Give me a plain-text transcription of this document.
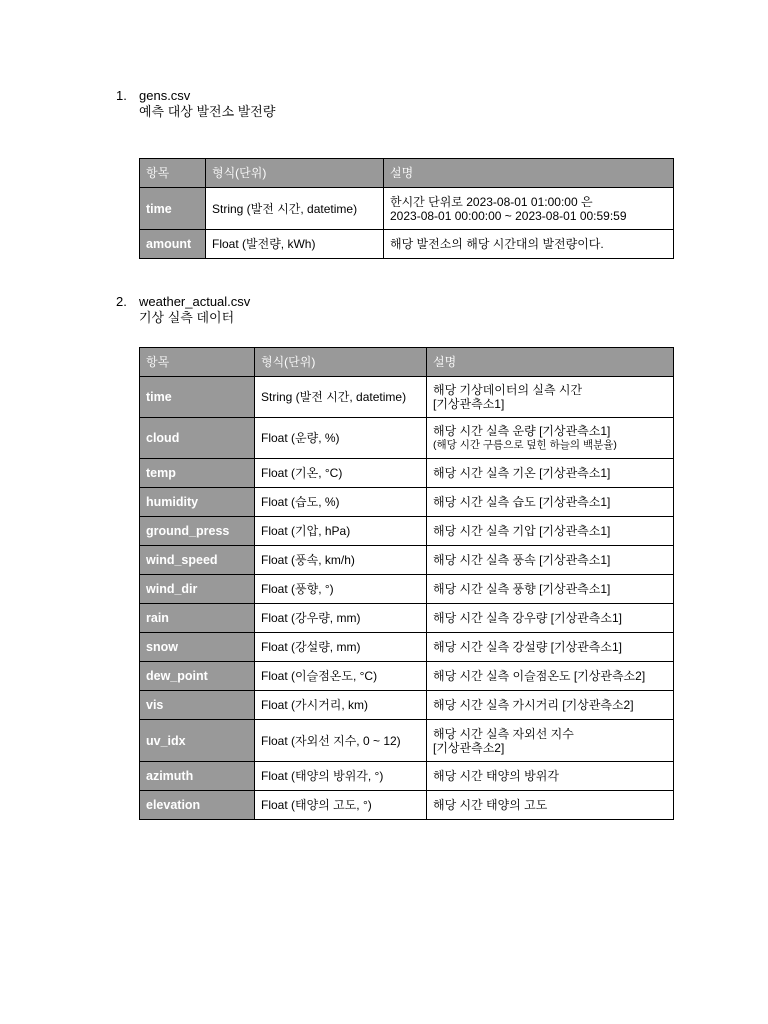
1. gens.csv
예측 대상 발전소 발전량
항목	형식(단위)	설명
time	String (발전 시간, datetime)	한시간 단위로 2023-08-01 01:00:00 은
2023-08-01 00:00:00 ~ 2023-08-01 00:59:59

amount	Float (발전량, kWh)	해당 발전소의 해당 시간대의 발전량이다.
2. weather_actual.csv
기상 실측 데이터
항목	형식(단위)	설명
time	String (발전 시간, datetime)	해당 기상데이터의 실측 시간
[기상관측소1]

cloud	Float (운량, %)	해당 시간 실측 운량 [기상관측소1]
(해당 시간 구름으로 덮힌 하늘의 백분율)

temp	Float (기온, °C)	해당 시간 실측 기온 [기상관측소1]
humidity	Float (습도, %)	해당 시간 실측 습도 [기상관측소1]
ground_press	Float (기압, hPa)	해당 시간 실측 기압 [기상관측소1]
wind_speed	Float (풍속, km/h)	해당 시간 실측 풍속 [기상관측소1]
wind_dir	Float (풍향, °)	해당 시간 실측 풍향 [기상관측소1]
rain	Float (강우량, mm)	해당 시간 실측 강우량 [기상관측소1]
snow	Float (강설량, mm)	해당 시간 실측 강설량 [기상관측소1]
dew_point	Float (이슬점온도, °C)	해당 시간 실측 이슬점온도 [기상관측소2]
vis	Float (가시거리, km)	해당 시간 실측 가시거리 [기상관측소2]
uv_idx	Float (자외선 지수, 0 ~ 12)	해당 시간 실측 자외선 지수
[기상관측소2]

azimuth	Float (태양의 방위각, °)	해당 시간 태양의 방위각
elevation	Float (태양의 고도, °)	해당 시간 태양의 고도
